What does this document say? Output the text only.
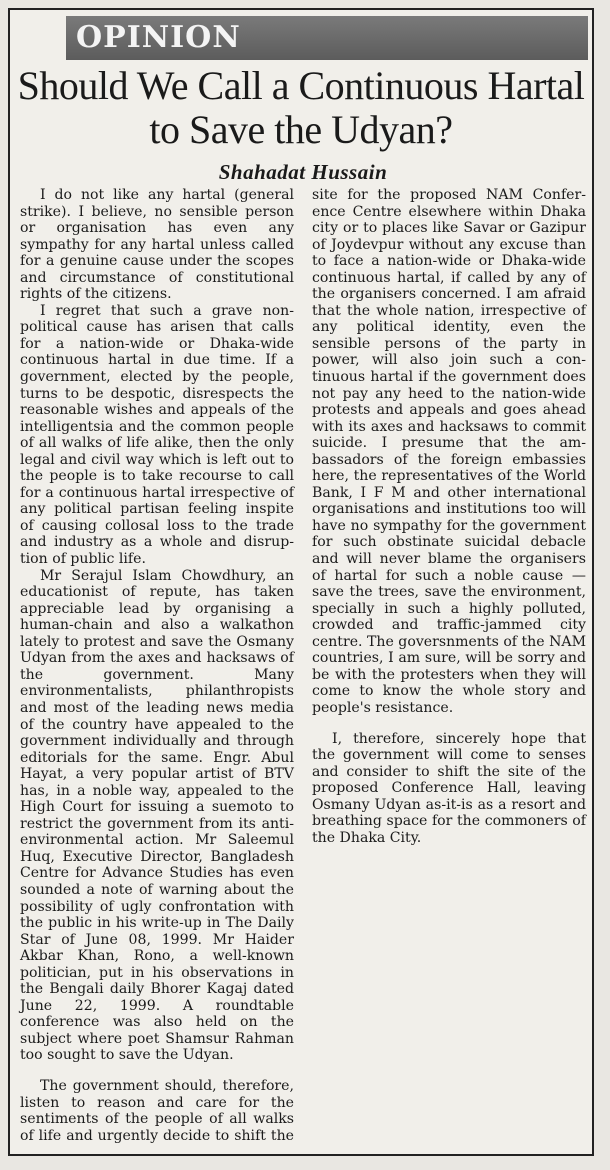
OPINION
Should We Call a Continuous Hartal to Save the Udyan?
Shahadat Hussain

I do not like any hartal (general strike). I believe, no sensible person or organisation has even any sympathy for any hartal unless called for a genuine cause under the scopes and circumstance of constitutional rights of the citizens.

I regret that such a grave non-political cause has arisen that calls for a nation-wide or Dhaka-wide continuous hartal in due time. If a government, elected by the people, turns to be despotic, disrespects the reasonable wishes and appeals of the intelligentsia and the common people of all walks of life alike, then the only legal and civil way which is left out to the people is to take recourse to call for a continuous hartal irrespective of any political partisan feeling inspite of causing collosal loss to the trade and industry as a whole and disruption of public life.

Mr Serajul Islam Chowdhury, an educationist of repute, has taken appreciable lead by organising a human-chain and also a walkathon lately to protest and save the Osmany Udyan from the axes and hacksaws of the government. Many environmentalists, philanthropists and most of the leading news media of the country have appealed to the government individually and through editorials for the same. Engr. Abul Hayat, a very popular artist of BTV has, in a noble way, appealed to the High Court for issuing a suemoto to restrict the government from its anti-environmental action. Mr Saleemul Huq, Executive Director, Bangladesh Centre for Advance Studies has even sounded a note of warning about the possibility of ugly confrontation with the public in his write-up in The Daily Star of June 08, 1999. Mr Haider Akbar Khan, Rono, a well-known politician, put in his observations in the Bengali daily Bhorer Kagaj dated June 22, 1999. A roundtable conference was also held on the subject where poet Shamsur Rahman too sought to save the Udyan.

The government should, therefore, listen to reason and care for the sentiments of the people of all walks of life and urgently decide to shift the site for the proposed NAM Conference Centre elsewhere within Dhaka city or to places like Savar or Gazipur of Joydevpur without any excuse than to face a nation-wide or Dhaka-wide continuous hartal, if called by any of the organisers concerned. I am afraid that the whole nation, irrespective of any political identity, even the sensible persons of the party in power, will also join such a continuous hartal if the government does not pay any heed to the nation-wide protests and appeals and goes ahead with its axes and hacksaws to commit suicide. I presume that the ambassadors of the foreign embassies here, the representatives of the World Bank, I F M and other international organisations and institutions too will have no sympathy for the government for such obstinate suicidal debacle and will never blame the organisers of hartal for such a noble cause — save the trees, save the environment, specially in such a highly polluted, crowded and traffic-jammed city centre. The goversnments of the NAM countries, I am sure, will be sorry and be with the protesters when they will come to know the whole story and people's resistance.

I, therefore, sincerely hope that the government will come to senses and consider to shift the site of the proposed Conference Hall, leaving Osmany Udyan as-it-is as a resort and breathing space for the commoners of the Dhaka City.
